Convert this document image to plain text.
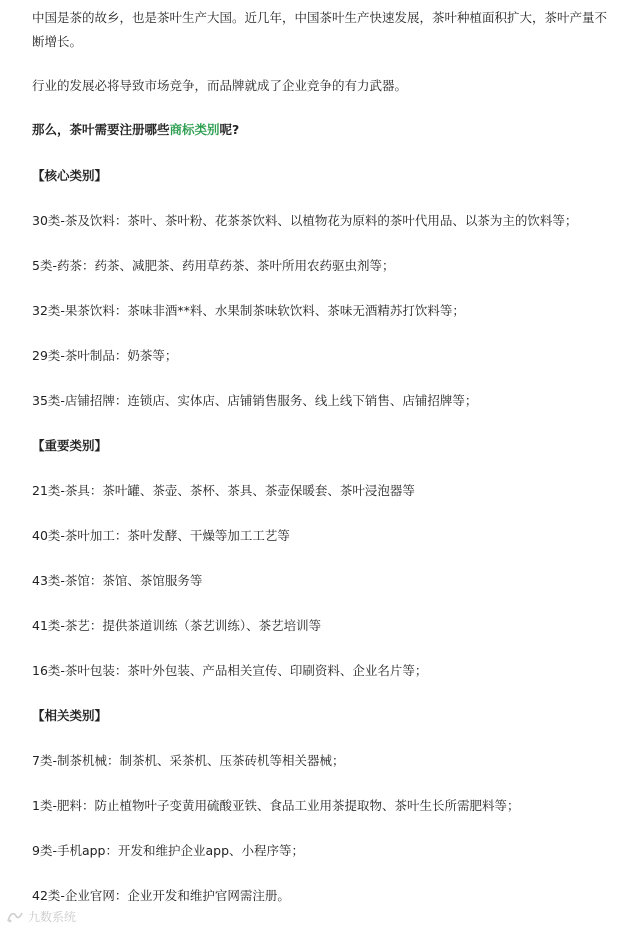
中国是茶的故乡，也是茶叶生产大国。近几年，中国茶叶生产快速发展，茶叶种植面积扩大，茶叶产量不断增长。
行业的发展必将导致市场竞争，而品牌就成了企业竞争的有力武器。
那么，茶叶需要注册哪些商标类别呢?
【核心类别】
30类-茶及饮料：茶叶、茶叶粉、花茶茶饮料、以植物花为原料的茶叶代用品、以茶为主的饮料等；
5类-药茶：药茶、减肥茶、药用草药茶、茶叶所用农药驱虫剂等；
32类-果茶饮料：茶味非酒**料、水果制茶味软饮料、茶味无酒精苏打饮料等；
29类-茶叶制品：奶茶等；
35类-店铺招牌：连锁店、实体店、店铺销售服务、线上线下销售、店铺招牌等；
【重要类别】
21类-茶具：茶叶罐、茶壶、茶杯、茶具、茶壶保暖套、茶叶浸泡器等
40类-茶叶加工：茶叶发酵、干燥等加工工艺等
43类-茶馆：茶馆、茶馆服务等
41类-茶艺：提供茶道训练（茶艺训练）、茶艺培训等
16类-茶叶包装：茶叶外包装、产品相关宣传、印刷资料、企业名片等；
【相关类别】
7类-制茶机械：制茶机、采茶机、压茶砖机等相关器械；
1类-肥料：防止植物叶子变黄用硫酸亚铁、食品工业用茶提取物、茶叶生长所需肥料等；
9类-手机app：开发和维护企业app、小程序等；
42类-企业官网：企业开发和维护官网需注册。
九数系统
